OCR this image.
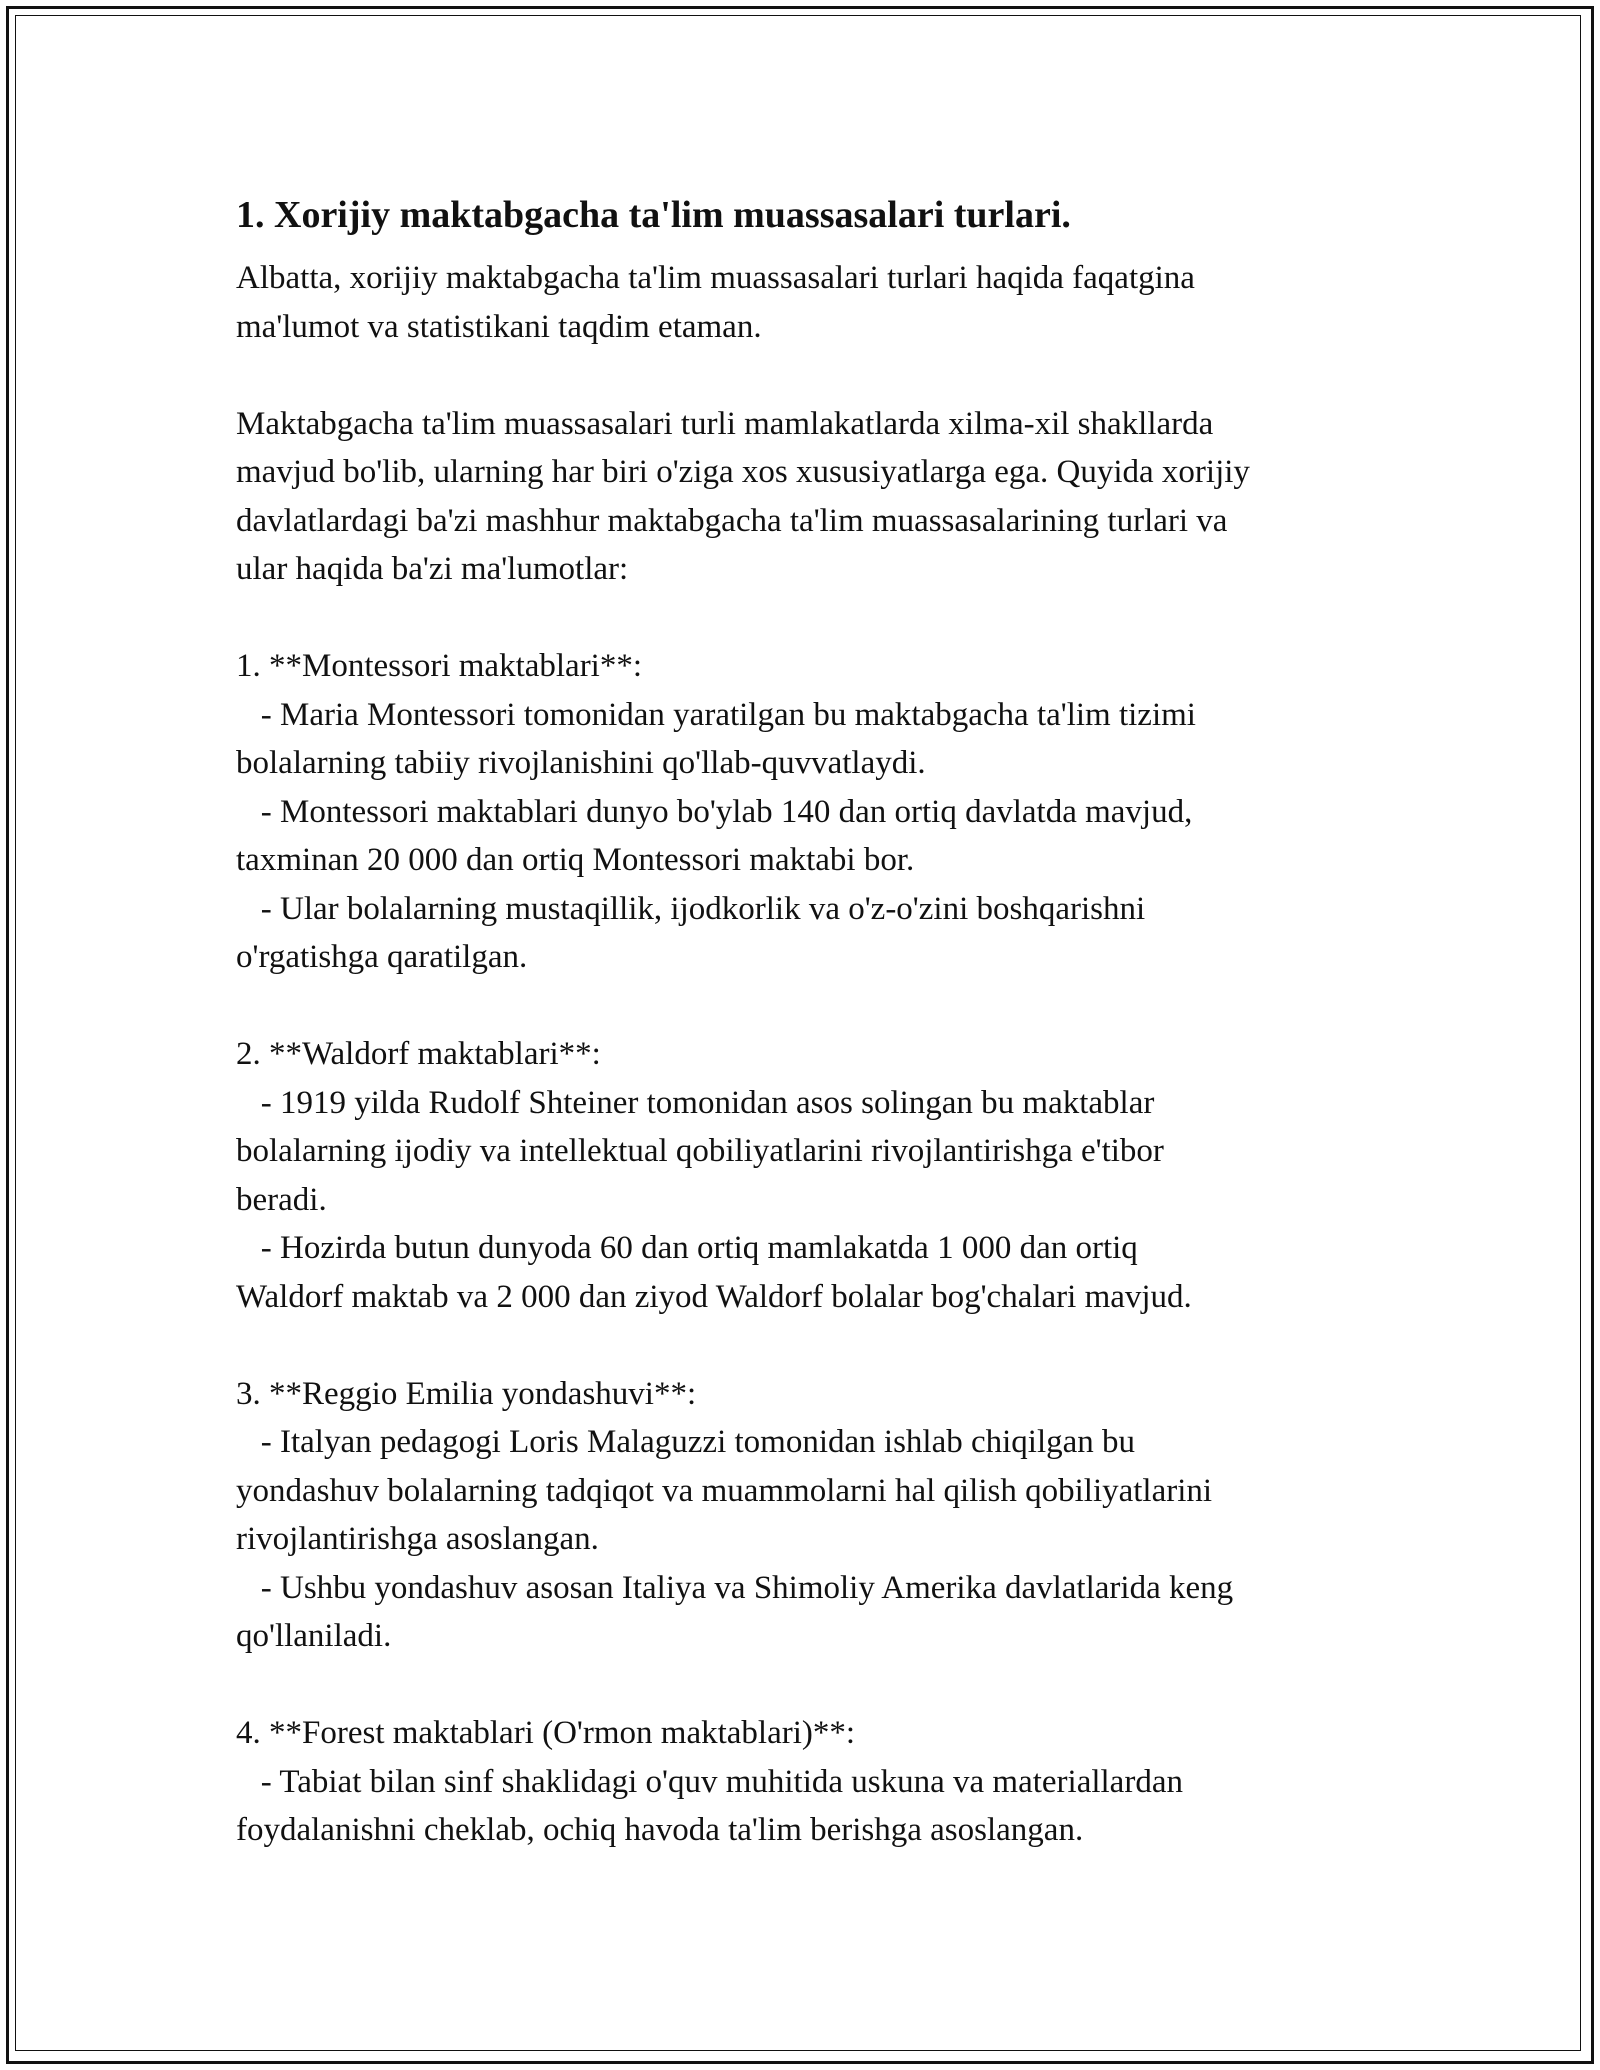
1. Xorijiy maktabgacha ta'lim muassasalari turlari.

Albatta, xorijiy maktabgacha ta'lim muassasalari turlari haqida faqatgina

ma'lumot va statistikani taqdim etaman.

Maktabgacha ta'lim muassasalari turli mamlakatlarda xilma-xil shakllarda

mavjud bo'lib, ularning har biri o'ziga xos xususiyatlarga ega. Quyida xorijiy

davlatlardagi ba'zi mashhur maktabgacha ta'lim muassasalarining turlari va

ular haqida ba'zi ma'lumotlar:

1. **Montessori maktablari**:

- Maria Montessori tomonidan yaratilgan bu maktabgacha ta'lim tizimi

bolalarning tabiiy rivojlanishini qo'llab-quvvatlaydi.

- Montessori maktablari dunyo bo'ylab 140 dan ortiq davlatda mavjud,

taxminan 20 000 dan ortiq Montessori maktabi bor.

- Ular bolalarning mustaqillik, ijodkorlik va o'z-o'zini boshqarishni

o'rgatishga qaratilgan.

2. **Waldorf maktablari**:

- 1919 yilda Rudolf Shteiner tomonidan asos solingan bu maktablar

bolalarning ijodiy va intellektual qobiliyatlarini rivojlantirishga e'tibor

beradi.

- Hozirda butun dunyoda 60 dan ortiq mamlakatda 1 000 dan ortiq

Waldorf maktab va 2 000 dan ziyod Waldorf bolalar bog'chalari mavjud.

3. **Reggio Emilia yondashuvi**:

- Italyan pedagogi Loris Malaguzzi tomonidan ishlab chiqilgan bu

yondashuv bolalarning tadqiqot va muammolarni hal qilish qobiliyatlarini

rivojlantirishga asoslangan.

- Ushbu yondashuv asosan Italiya va Shimoliy Amerika davlatlarida keng

qo'llaniladi.

4. **Forest maktablari (O'rmon maktablari)**:

- Tabiat bilan sinf shaklidagi o'quv muhitida uskuna va materiallardan

foydalanishni cheklab, ochiq havoda ta'lim berishga asoslangan.
